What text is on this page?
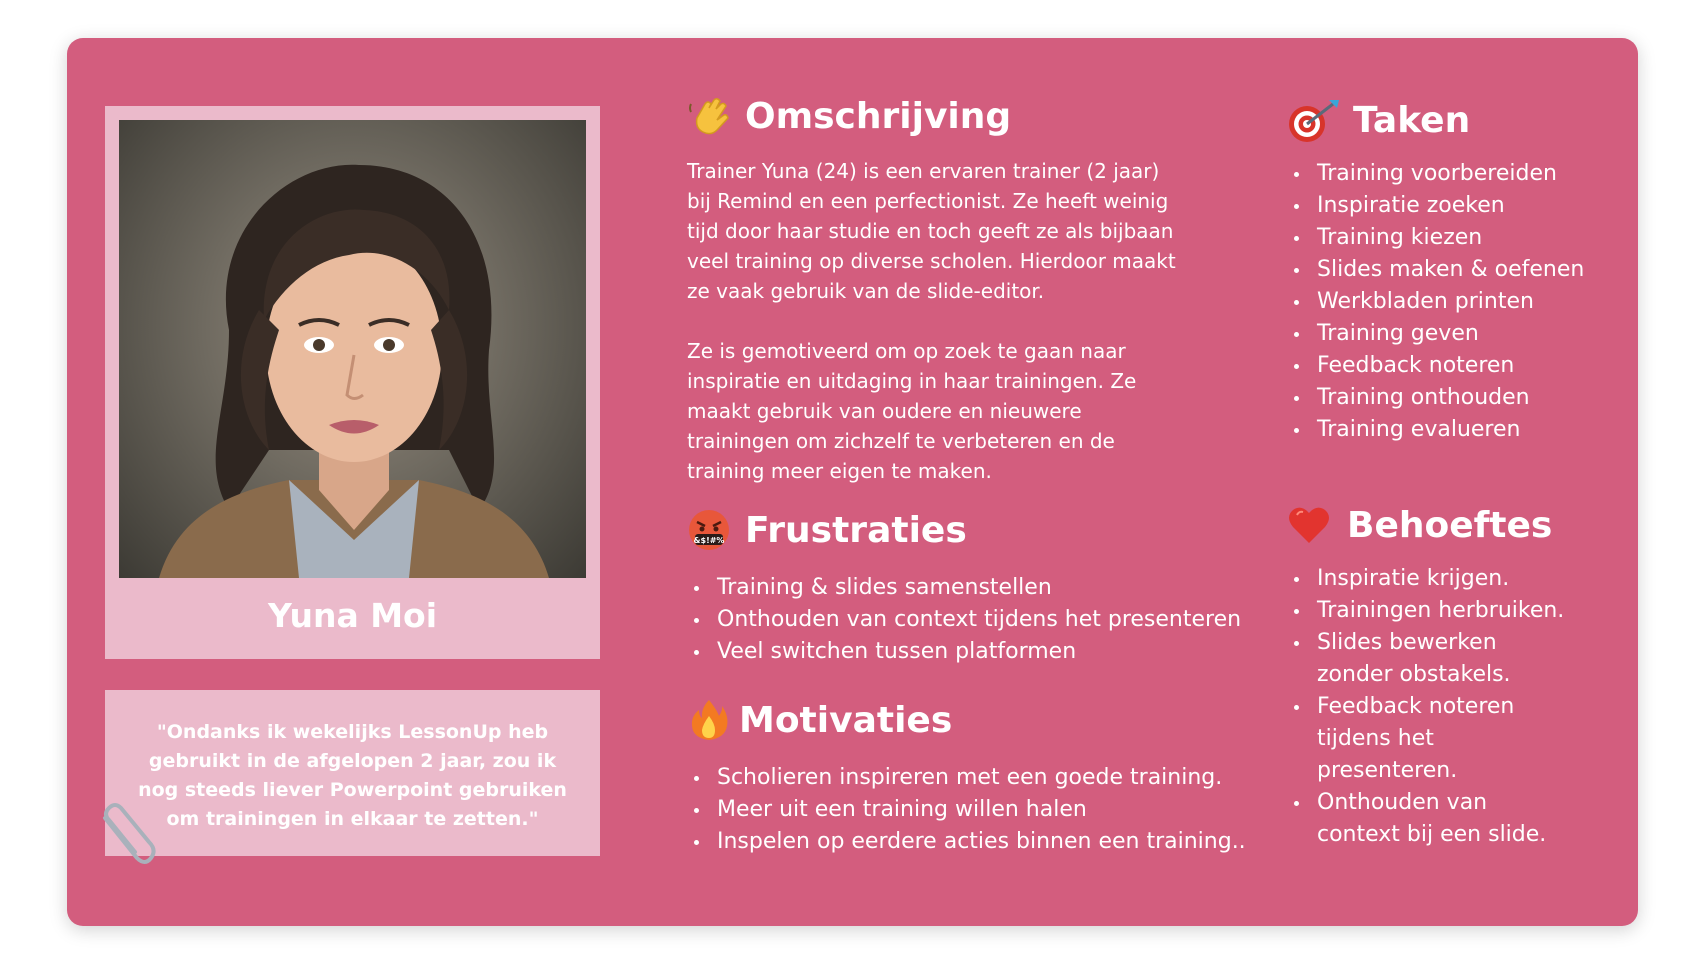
Yuna Moi
"Ondanks ik wekelijks LessonUp heb gebruikt in de afgelopen 2 jaar, zou ik nog steeds liever Powerpoint gebruiken om trainingen in elkaar te zetten."
Omschrijving

Trainer Yuna (24) is een ervaren trainer (2 jaar) bij Remind en een perfectionist. Ze heeft weinig tijd door haar studie en toch geeft ze als bijbaan veel training op diverse scholen. Hierdoor maakt ze vaak gebruik van de slide-editor.

Ze is gemotiveerd om op zoek te gaan naar inspiratie en uitdaging in haar trainingen. Ze maakt gebruik van oudere en nieuwere trainingen om zichzelf te verbeteren en de training meer eigen te maken.

&$!#% Frustraties
Training & slides samenstellen
Onthouden van context tijdens het presenteren
Veel switchen tussen platformen
Motivaties
Scholieren inspireren met een goede training.
Meer uit een training willen halen
Inspelen op eerdere acties binnen een training..
Taken
Training voorbereiden
Inspiratie zoeken
Training kiezen
Slides maken & oefenen
Werkbladen printen
Training geven
Feedback noteren
Training onthouden
Training evalueren
Behoeftes
Inspiratie krijgen.
Trainingen herbruiken.
Slides bewerken zonder obstakels.
Feedback noteren tijdens het presenteren.
Onthouden van context bij een slide.
